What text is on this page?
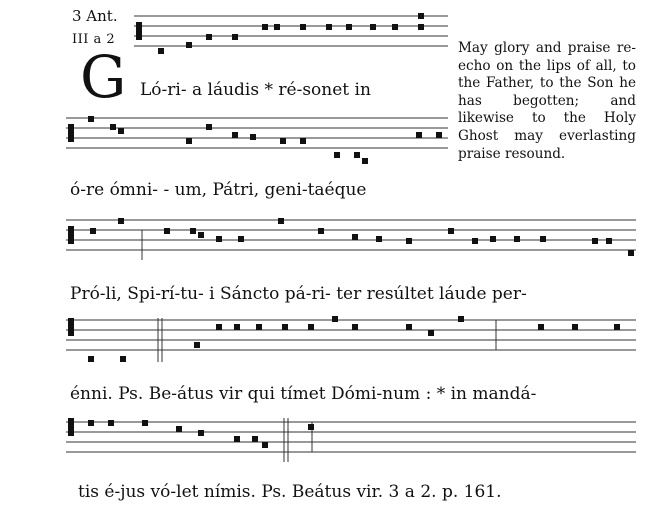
3 Ant.
III a 2
G Ló-ri- a láudis * ré-sonet in
ó-re ómni- - um, Pátri, geni-taéque
May glory and praise re-echo on the lips of all, to the Father, to the Son he has begotten; and likewise to the Holy Ghost may everlasting praise resound.
Pró-li, Spi-rí-tu- i Sáncto pá-ri- ter resúltet láude per-
énni. Ps. Be-átus vir qui tímet Dómi-num : * in mandá-
tis é-jus vó-let nímis. Ps. Beátus vir. 3 a 2. p. 161.
